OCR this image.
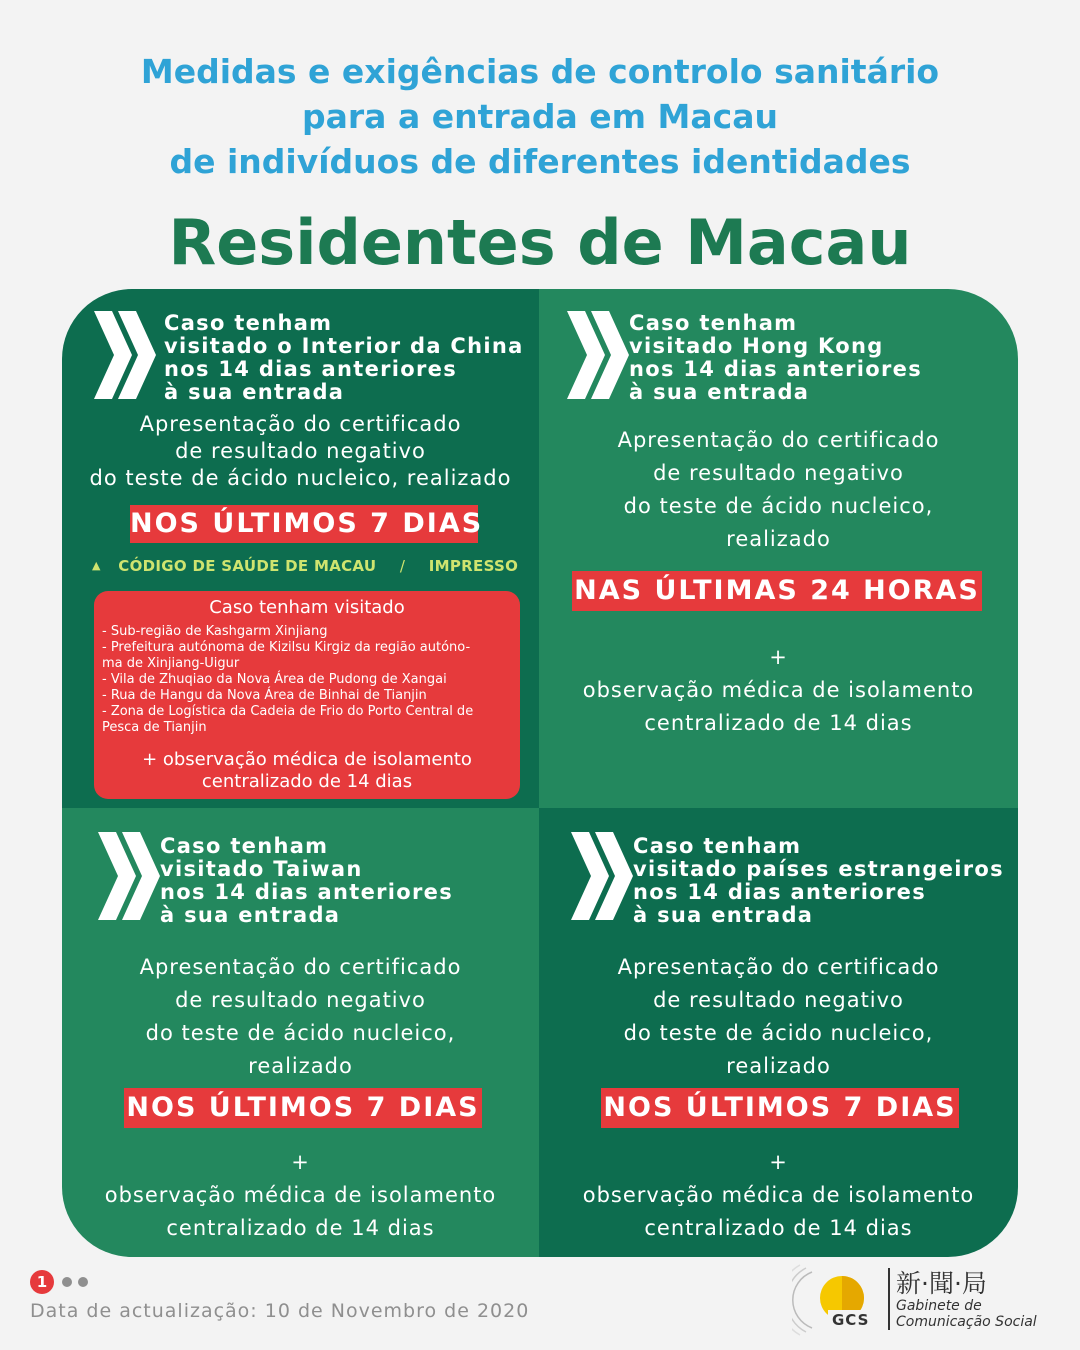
Medidas e exigências de controlo sanitário
para a entrada em Macau
de indivíduos de diferentes identidades
Residentes de Macau
Caso tenham
visitado o Interior da China
nos 14 dias anteriores
à sua entrada
Apresentação do certificado
de resultado negativo
do teste de ácido nucleico, realizado
NOS ÚLTIMOS 7 DIAS
▲ CÓDIGO DE SAÚDE DE MACAU / IMPRESSO
Caso tenham visitado
- Sub-região de Kashgarm Xinjiang
- Prefeitura autónoma de Kizilsu Kirgiz da região autóno-
ma de Xinjiang-Uigur
- Vila de Zhuqiao da Nova Área de Pudong de Xangai
- Rua de Hangu da Nova Área de Binhai de Tianjin
- Zona de Logística da Cadeia de Frio do Porto Central de
Pesca de Tianjin
+ observação médica de isolamento
centralizado de 14 dias
Caso tenham
visitado Hong Kong
nos 14 dias anteriores
à sua entrada
Apresentação do certificado
de resultado negativo
do teste de ácido nucleico,
realizado
NAS ÚLTIMAS 24 HORAS
+
observação médica de isolamento
centralizado de 14 dias
Caso tenham
visitado Taiwan
nos 14 dias anteriores
à sua entrada
Apresentação do certificado
de resultado negativo
do teste de ácido nucleico,
realizado
NOS ÚLTIMOS 7 DIAS
+
observação médica de isolamento
centralizado de 14 dias
Caso tenham
visitado países estrangeiros
nos 14 dias anteriores
à sua entrada
Apresentação do certificado
de resultado negativo
do teste de ácido nucleico,
realizado
NOS ÚLTIMOS 7 DIAS
+
observação médica de isolamento
centralizado de 14 dias
1
Data de actualização: 10 de Novembro de 2020	GCS
新·聞·局
Gabinete de
Comunicação Social
